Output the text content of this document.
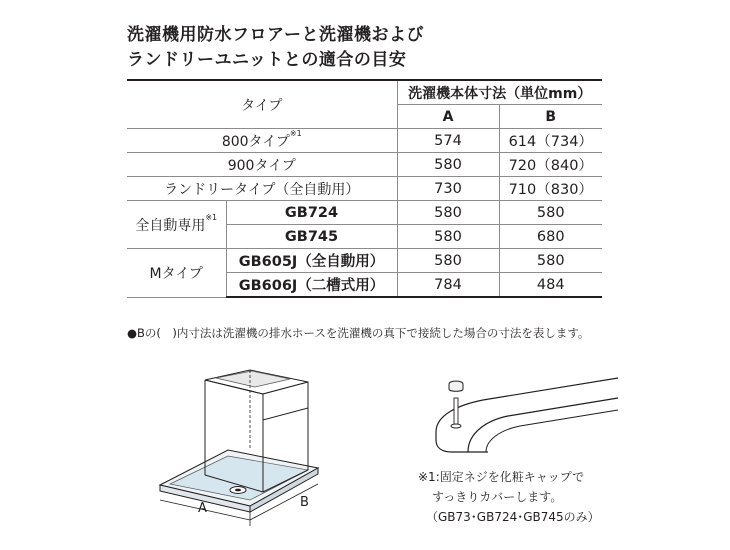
洗濯機用防水フロアーと洗濯機および
ランドリーユニットとの適合の目安
タイプ		洗濯機本体寸法（単位mm）	
		A	B
800タイプ$^{※1}$		574	614（734）
900タイプ		580	720（840）
ランドリータイプ（全自動用）		730	710（830）
全自動専用$^{※1}$	GB724	580	580
	GB745	580	680
Mタイプ	GB605J（全自動用）	580	580
	GB606J（二槽式用）	784	484
●Bの(　)内寸法は洗濯機の排水ホースを洗濯機の真下で接続した場合の寸法を表します。
A	B
※1:固定ネジを化粧キャップで
すっきりカバーします。
（GB73･GB724･GB745のみ）
